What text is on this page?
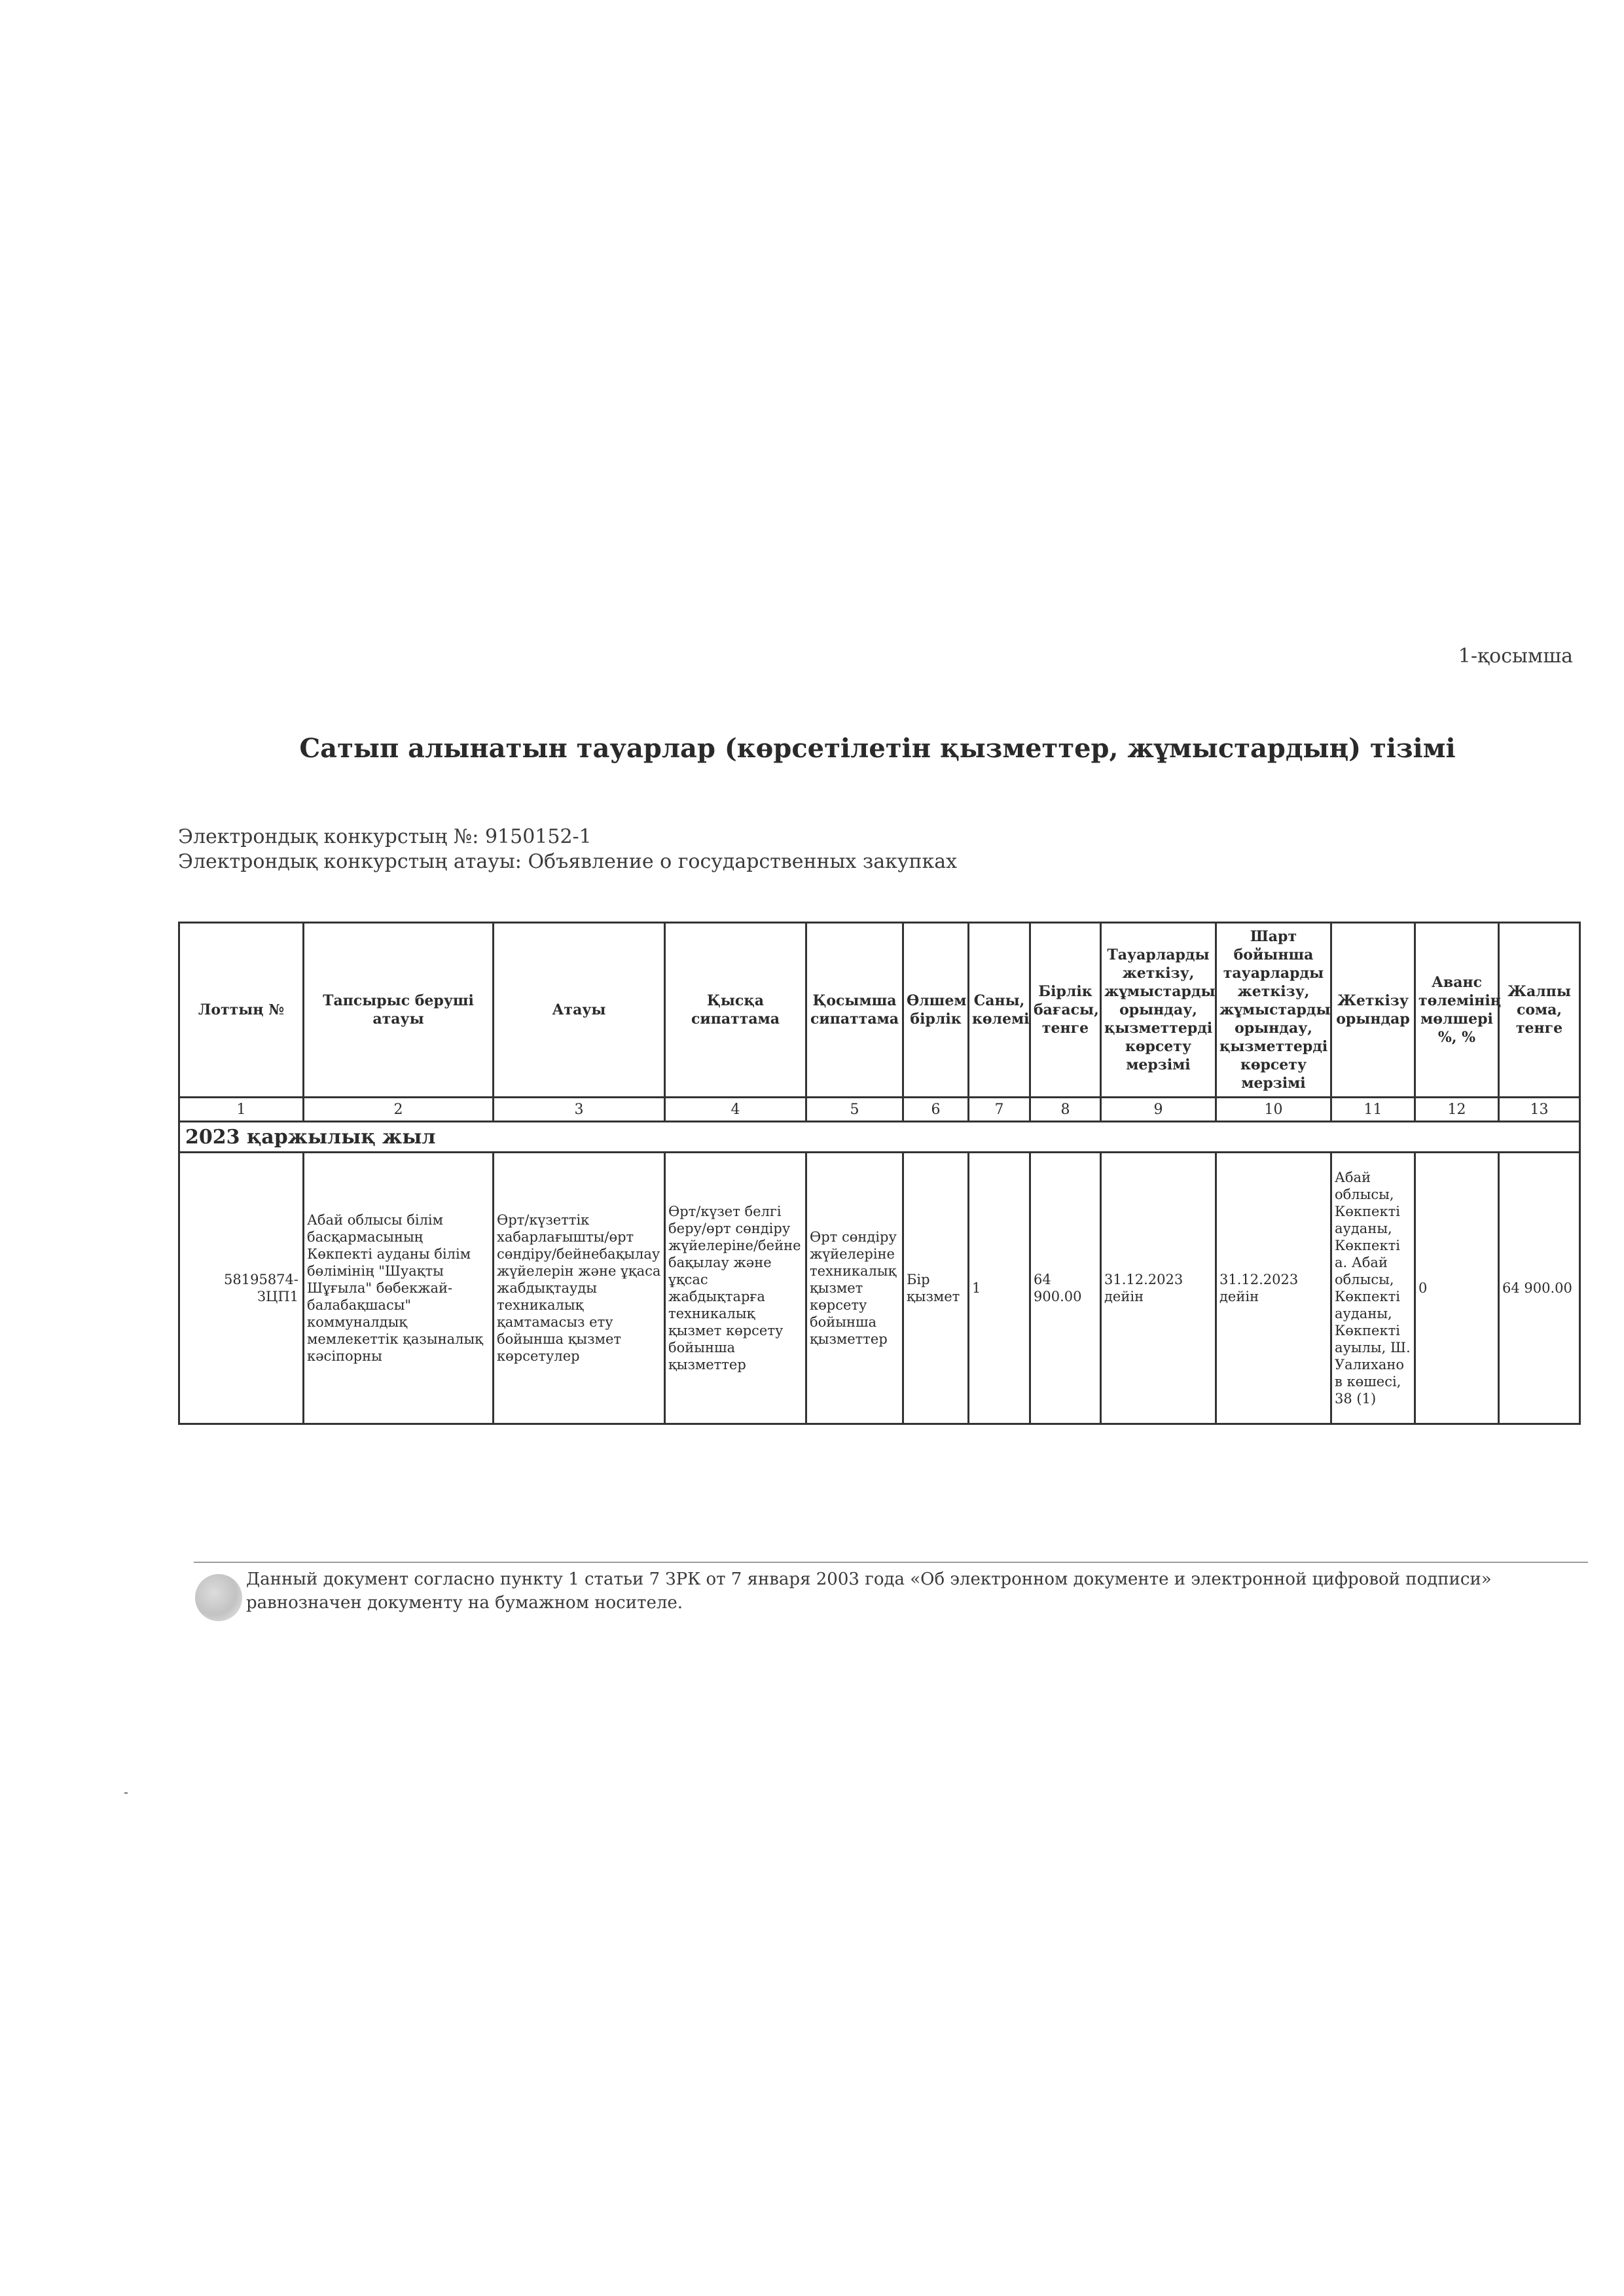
1-қосымша
Сатып алынатын тауарлар (көрсетілетін қызметтер, жұмыстардың) тізімі
Электрондық конкурстың №: 9150152-1
Электрондық конкурстың атауы: Объявление о государственных закупках
Лоттың №	Тапсырыс беруші атауы	Атауы	Қысқа сипаттама	Қосымша сипаттама	Өлшем бірлік	Саны, көлемі	Бірлік бағасы, тенге	Тауарларды жеткізу, жұмыстарды орындау, қызметтерді көрсету мерзімі	Шарт бойынша тауарларды жеткізу, жұмыстарды орындау, қызметтерді көрсету мерзімі	Жеткізу орындар	Аванс төлемінің мөлшері %, %	Жалпы сома, тенге
1	2	3	4	5	6	7	8	9	10	11	12	13
2023 қаржылық жыл												
58195874-ЗЦП1	Абай облысы білім басқармасының Көкпекті ауданы білім бөлімінің "Шуақты Шұғыла" бөбекжай-балабақшасы" коммуналдық мемлекеттік қазыналық кәсіпорны	Өрт/күзеттік хабарлағышты/өрт сөндіру/бейнебақылау жүйелерін және ұқаса жабдықтауды техникалық қамтамасыз ету бойынша қызмет көрсетулер	Өрт/күзет белгі беру/өрт сөндіру жүйелеріне/бейне бақылау және ұқсас жабдықтарға техникалық қызмет көрсету бойынша қызметтер	Өрт сөндіру жүйелеріне техникалық қызмет көрсету бойынша қызметтер	Бір қызмет	1	64 900.00	31.12.2023 дейін	31.12.2023 дейін	Абай облысы, Көкпекті ауданы, Көкпекті а. Абай облысы, Көкпекті ауданы, Көкпекті ауылы, Ш. Уалиханов көшесі, 38 (1)	0	64 900.00
Данный документ согласно пункту 1 статьи 7 ЗРК от 7 января 2003 года «Об электронном документе и электронной цифровой подписи» равнозначен документу на бумажном носителе.
